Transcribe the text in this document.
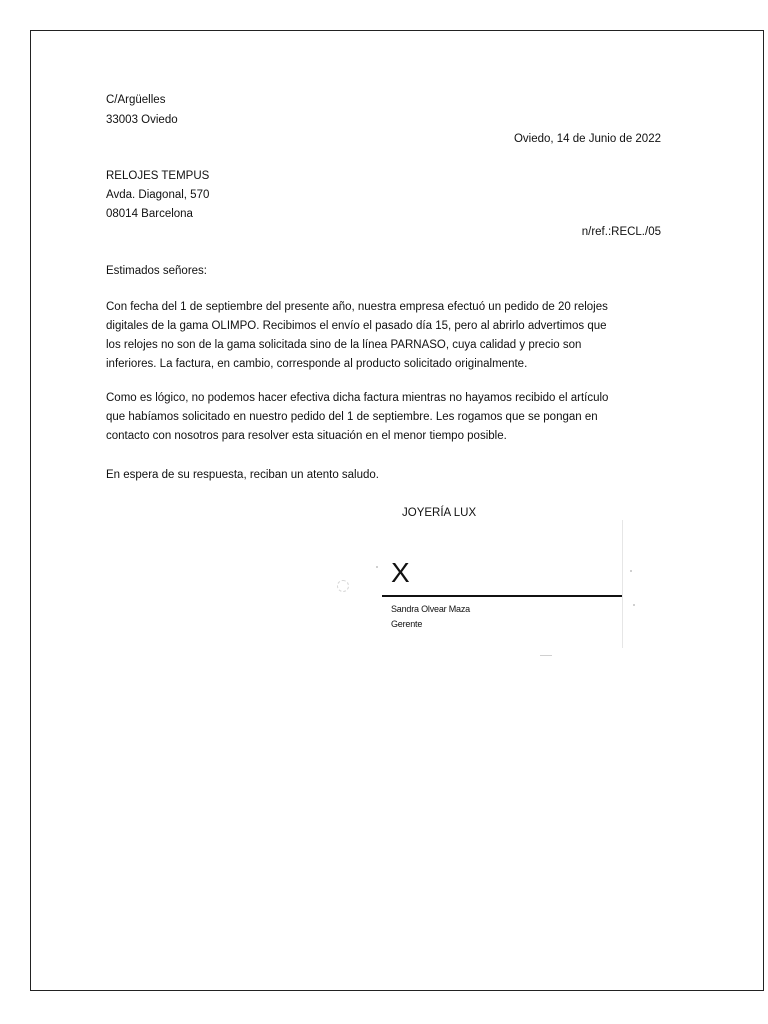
C/Argüelles
33003 Oviedo
Oviedo, 14 de Junio de 2022
RELOJES TEMPUS
Avda. Diagonal, 570
08014 Barcelona
n/ref.:RECL./05
Estimados señores:
Con fecha del 1 de septiembre del presente año, nuestra empresa efectuó un pedido de 20 relojes
digitales de la gama OLIMPO. Recibimos el envío el pasado día 15, pero al abrirlo advertimos que
los relojes no son de la gama solicitada sino de la línea PARNASO, cuya calidad y precio son
inferiores. La factura, en cambio, corresponde al producto solicitado originalmente.
Como es lógico, no podemos hacer efectiva dicha factura mientras no hayamos recibido el artículo
que habíamos solicitado en nuestro pedido del 1 de septiembre. Les rogamos que se pongan en
contacto con nosotros para resolver esta situación en el menor tiempo posible.
En espera de su respuesta, reciban un atento saludo.
JOYERÍA LUX
X
Sandra Olvear Maza
Gerente
